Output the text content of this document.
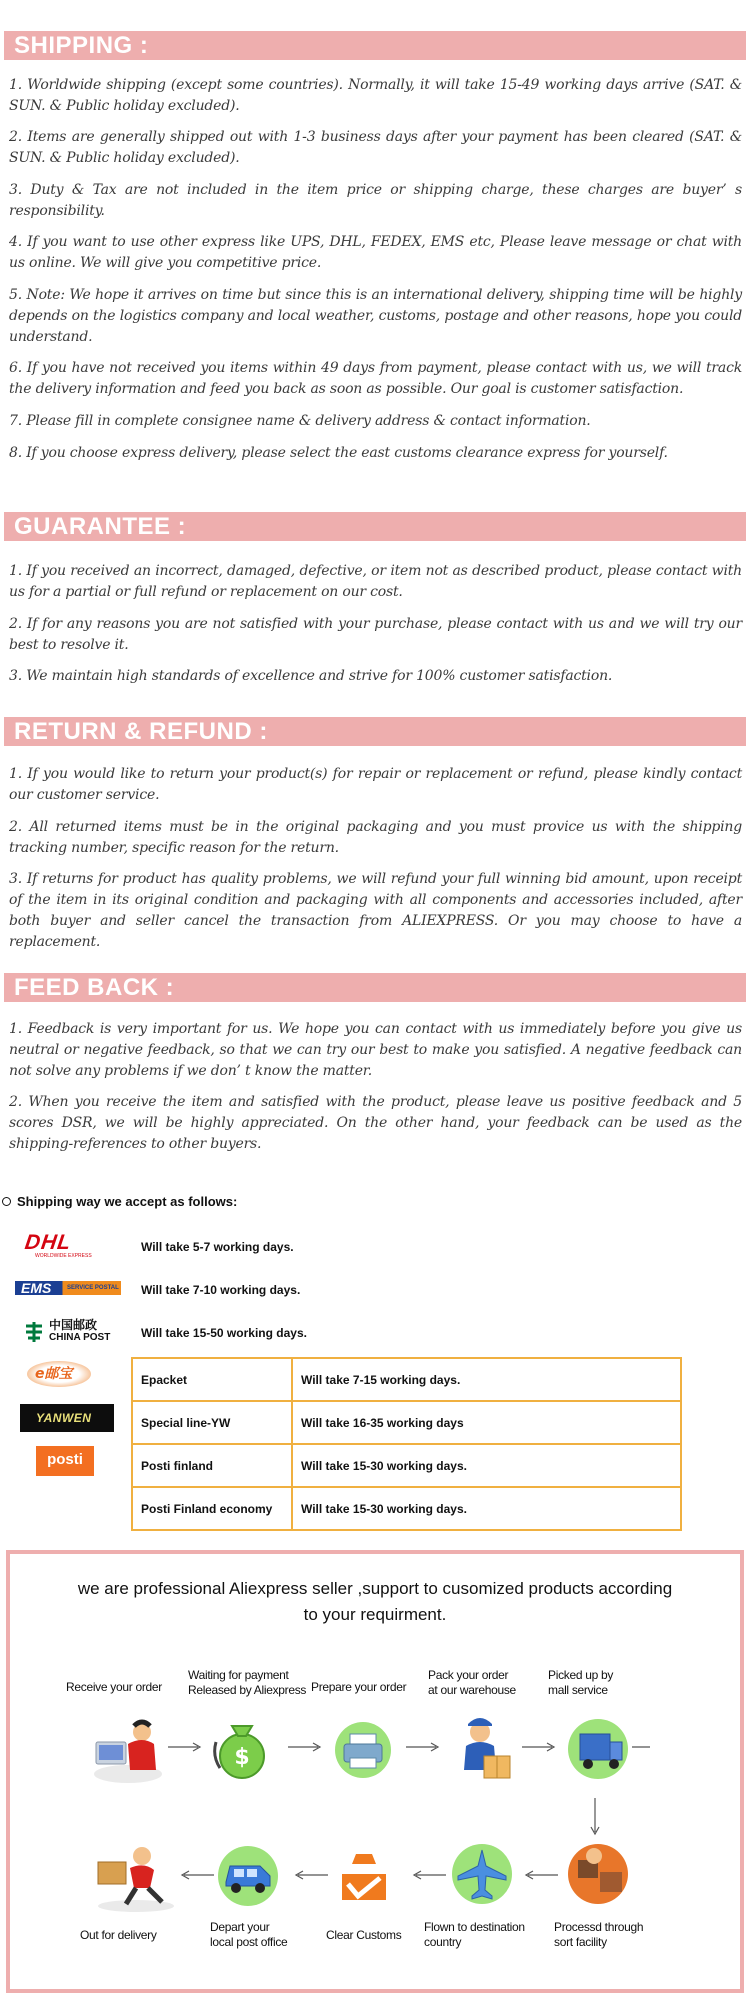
SHIPPING :
1. Worldwide shipping (except some countries). Normally, it will take 15-49 working days arrive (SAT. & SUN. & Public holiday excluded).
2. Items are generally shipped out with 1-3 business days after your payment has been cleared (SAT. & SUN. & Public holiday excluded).
3. Duty & Tax are not included in the item price or shipping charge, these charges are buyer’ s responsibility.
4. If you want to use other express like UPS, DHL, FEDEX, EMS etc, Please leave message or chat with us online. We will give you competitive price.
5. Note: We hope it arrives on time but since this is an international delivery, shipping time will be highly depends on the logistics company and local weather, customs, postage and other reasons, hope you could understand.
6. If you have not received you items within 49 days from payment, please contact with us, we will track the delivery information and feed you back as soon as possible. Our goal is customer satisfaction.
7. Please fill in complete consignee name & delivery address & contact information.
8. If you choose express delivery, please select the east customs clearance express for yourself.
GUARANTEE :
1. If you received an incorrect, damaged, defective, or item not as described product, please contact with us for a partial or full refund or replacement on our cost.
2. If for any reasons you are not satisfied with your purchase, please contact with us and we will try our best to resolve it.
3. We maintain high standards of excellence and strive for 100% customer satisfaction.
RETURN & REFUND :
1. If you would like to return your product(s) for repair or replacement or refund, please kindly contact our customer service.
2. All returned items must be in the original packaging and you must provice us with the shipping tracking number, specific reason for the return.
3. If returns for product has quality problems, we will refund your full winning bid amount, upon receipt of the item in its original condition and packaging with all components and accessories included, after both buyer and seller cancel the transaction from ALIEXPRESS. Or you may choose to have a replacement.
FEED BACK :
1. Feedback is very important for us. We hope you can contact with us immediately before you give us neutral or negative feedback, so that we can try our best to make you satisfied. A negative feedback can not solve any problems if we don’ t know the matter.
2. When you receive the item and satisfied with the product, please leave us positive feedback and 5 scores DSR, we will be highly appreciated. On the other hand, your feedback can be used as the shipping-references to other buyers.
Shipping way we accept as follows:
DHL
WORLDWIDE EXPRESS
Will take 5-7 working days.
EMS	SERVICE POSTAL Will take 7-10 working days.
中国邮政
CHINA POST	Will take 15-50 working days.
e邮宝
YANWEN
posti
Epacket	Will take 7-15 working days.
Special line-YW	Will take 16-35 working days
Posti finland	Will take 15-30 working days.
Posti Finland economy	Will take 15-30 working days.
we are professional Aliexpress seller ,support to cusomized products according
to your requirment.
Receive your order
Waiting for payment
Released by Aliexpress Prepare your order
Pack your order
at our warehouse
Picked up by
mall service
$
Out for delivery
Depart your
local post office	Clear Customs
Flown to destination
country
Processd through
sort facility
